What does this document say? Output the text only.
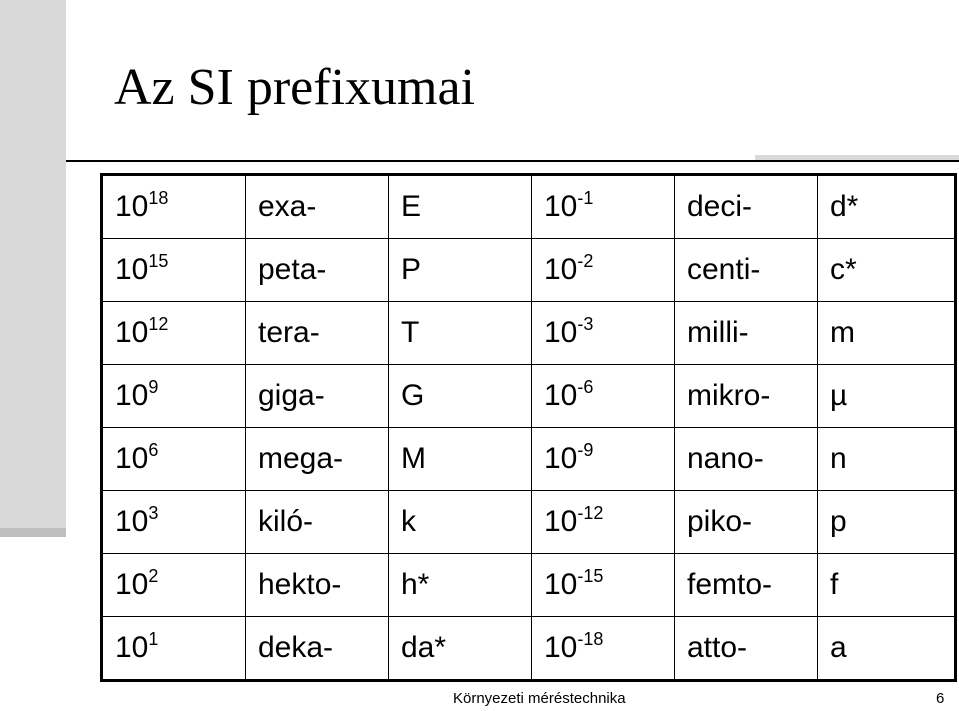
Az SI prefixumai
$10^{18}$	exa-	E	$10^{-1}$	deci-	d*
$10^{15}$	peta-	P	$10^{-2}$	centi-	c*
$10^{12}$	tera-	T	$10^{-3}$	milli-	m
$10^9$	giga-	G	$10^{-6}$	mikro-	µ
$10^6$	mega-	M	$10^{-9}$	nano-	n
$10^3$	kiló-	k	$10^{-12}$	piko-	p
$10^2$	hekto-	h*	$10^{-15}$	femto-	f
$10^1$	deka-	da*	$10^{-18}$	atto-	a
Környezeti méréstechnika	6
